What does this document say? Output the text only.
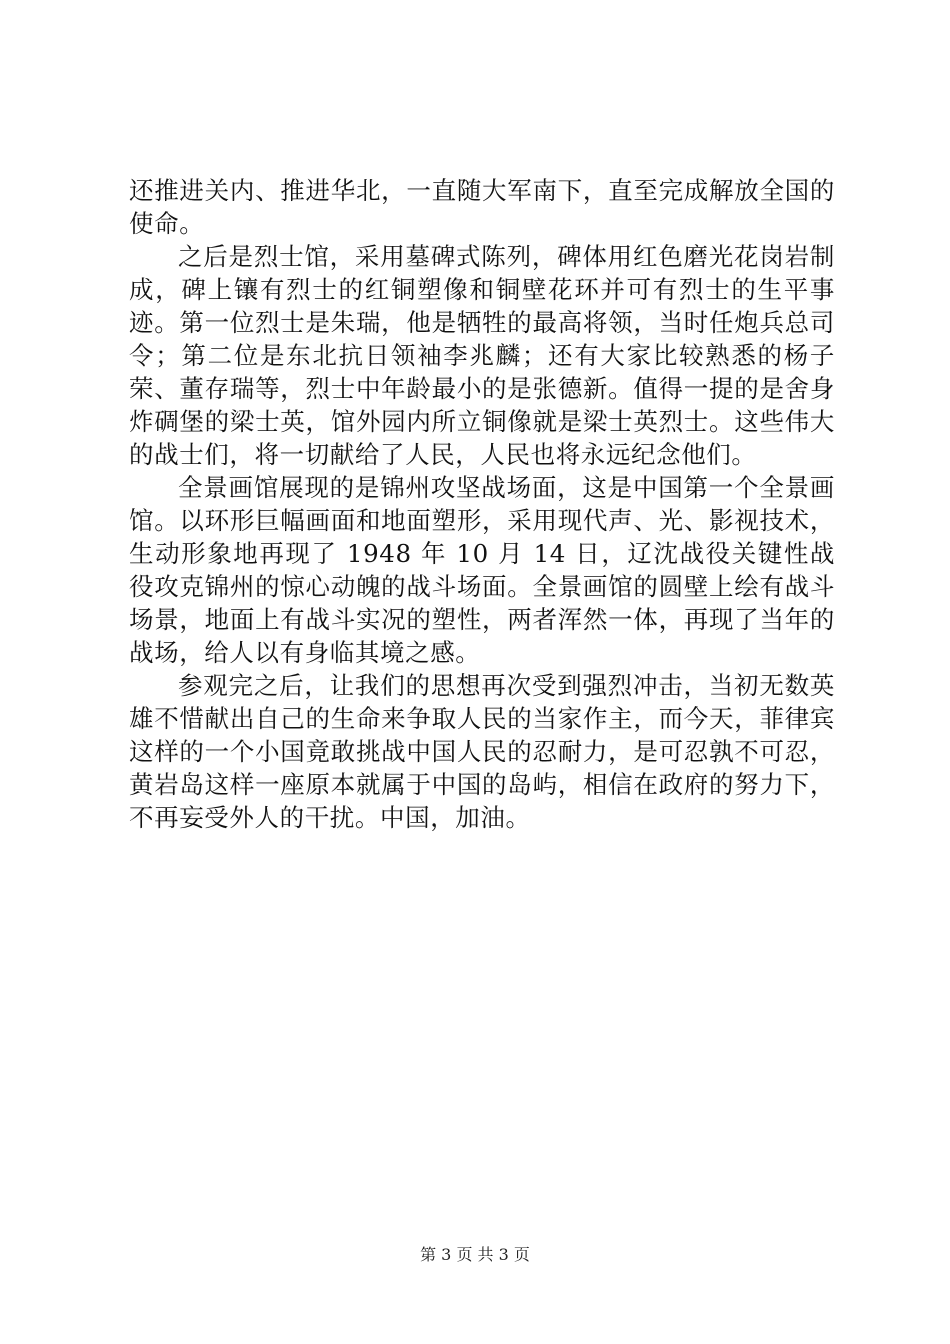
还推进关内、推进华北，一直随大军南下，直至完成解放全国的使命。

之后是烈士馆，采用墓碑式陈列，碑体用红色磨光花岗岩制成，碑上镶有烈士的红铜塑像和铜壁花环并可有烈士的生平事迹。第一位烈士是朱瑞，他是牺牲的最高将领，当时任炮兵总司令；第二位是东北抗日领袖李兆麟；还有大家比较熟悉的杨子荣、董存瑞等，烈士中年龄最小的是张德新。值得一提的是舍身炸碉堡的梁士英，馆外园内所立铜像就是梁士英烈士。这些伟大的战士们，将一切献给了人民，人民也将永远纪念他们。

全景画馆展现的是锦州攻坚战场面，这是中国第一个全景画馆。以环形巨幅画面和地面塑形，采用现代声、光、影视技术，生动形象地再现了 1948 年 10 月 14 日，辽沈战役关键性战役攻克锦州的惊心动魄的战斗场面。全景画馆的圆壁上绘有战斗场景，地面上有战斗实况的塑性，两者浑然一体，再现了当年的战场，给人以有身临其境之感。

参观完之后，让我们的思想再次受到强烈冲击，当初无数英雄不惜献出自己的生命来争取人民的当家作主，而今天，菲律宾这样的一个小国竟敢挑战中国人民的忍耐力，是可忍孰不可忍，黄岩岛这样一座原本就属于中国的岛屿，相信在政府的努力下，不再妄受外人的干扰。中国，加油。

第 3 页 共 3 页
